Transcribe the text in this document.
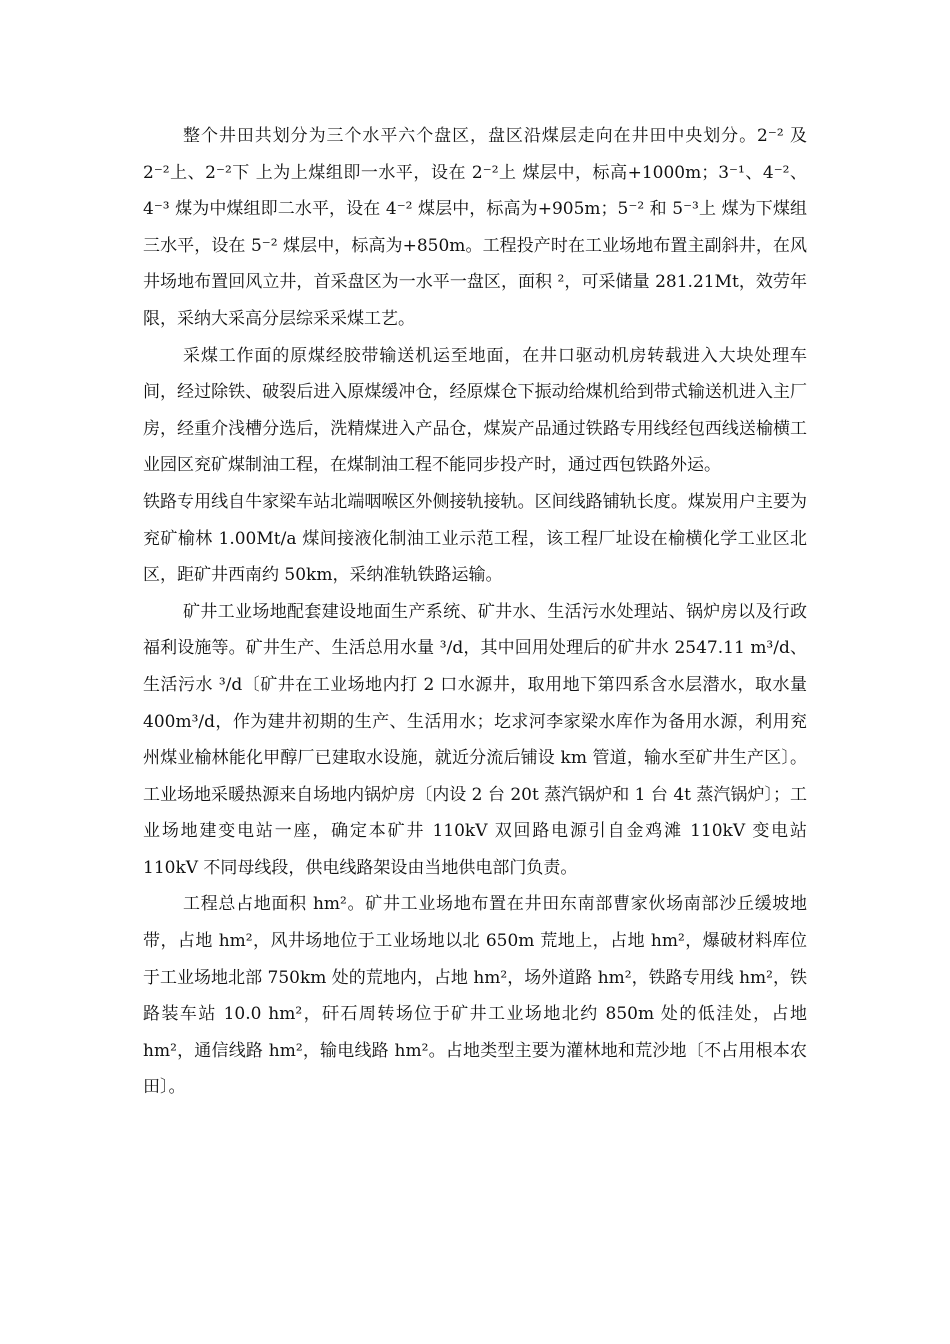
整个井田共划分为三个水平六个盘区，盘区沿煤层走向在井田中央划分。2⁻² 及 2⁻²上、2⁻²下 上为上煤组即一水平，设在 2⁻²上 煤层中，标高+1000m；3⁻¹、4⁻²、4⁻³ 煤为中煤组即二水平，设在 4⁻² 煤层中，标高为+905m；5⁻² 和 5⁻³上 煤为下煤组三水平，设在 5⁻² 煤层中，标高为+850m。工程投产时在工业场地布置主副斜井，在风井场地布置回风立井，首采盘区为一水平一盘区，面积 ²，可采储量 281.21Mt，效劳年限，采纳大采高分层综采采煤工艺。

采煤工作面的原煤经胶带输送机运至地面，在井口驱动机房转载进入大块处理车间，经过除铁、破裂后进入原煤缓冲仓，经原煤仓下振动给煤机给到带式输送机进入主厂房，经重介浅槽分选后，洗精煤进入产品仓，煤炭产品通过铁路专用线经包西线送榆横工业园区兖矿煤制油工程，在煤制油工程不能同步投产时，通过西包铁路外运。

铁路专用线自牛家梁车站北端咽喉区外侧接轨接轨。区间线路铺轨长度。煤炭用户主要为兖矿榆林 1.00Mt/a 煤间接液化制油工业示范工程，该工程厂址设在榆横化学工业区北区，距矿井西南约 50km，采纳准轨铁路运输。

矿井工业场地配套建设地面生产系统、矿井水、生活污水处理站、锅炉房以及行政福利设施等。矿井生产、生活总用水量 ³/d，其中回用处理后的矿井水 2547.11 m³/d、生活污水 ³/d〔矿井在工业场地内打 2 口水源井，取用地下第四系含水层潜水，取水量 400m³/d，作为建井初期的生产、生活用水；圪求河李家梁水库作为备用水源，利用兖州煤业榆林能化甲醇厂已建取水设施，就近分流后铺设 km 管道，输水至矿井生产区〕。工业场地采暖热源来自场地内锅炉房〔内设 2 台 20t 蒸汽锅炉和 1 台 4t 蒸汽锅炉〕；工业场地建变电站一座，确定本矿井 110kV 双回路电源引自金鸡滩 110kV 变电站 110kV 不同母线段，供电线路架设由当地供电部门负责。

工程总占地面积 hm²。矿井工业场地布置在井田东南部曹家伙场南部沙丘缓坡地带，占地 hm²，风井场地位于工业场地以北 650m 荒地上，占地 hm²，爆破材料库位于工业场地北部 750km 处的荒地内，占地 hm²，场外道路 hm²，铁路专用线 hm²，铁路装车站 10.0 hm²，矸石周转场位于矿井工业场地北约 850m 处的低洼处，占地 hm²，通信线路 hm²，输电线路 hm²。占地类型主要为灌林地和荒沙地〔不占用根本农田〕。
